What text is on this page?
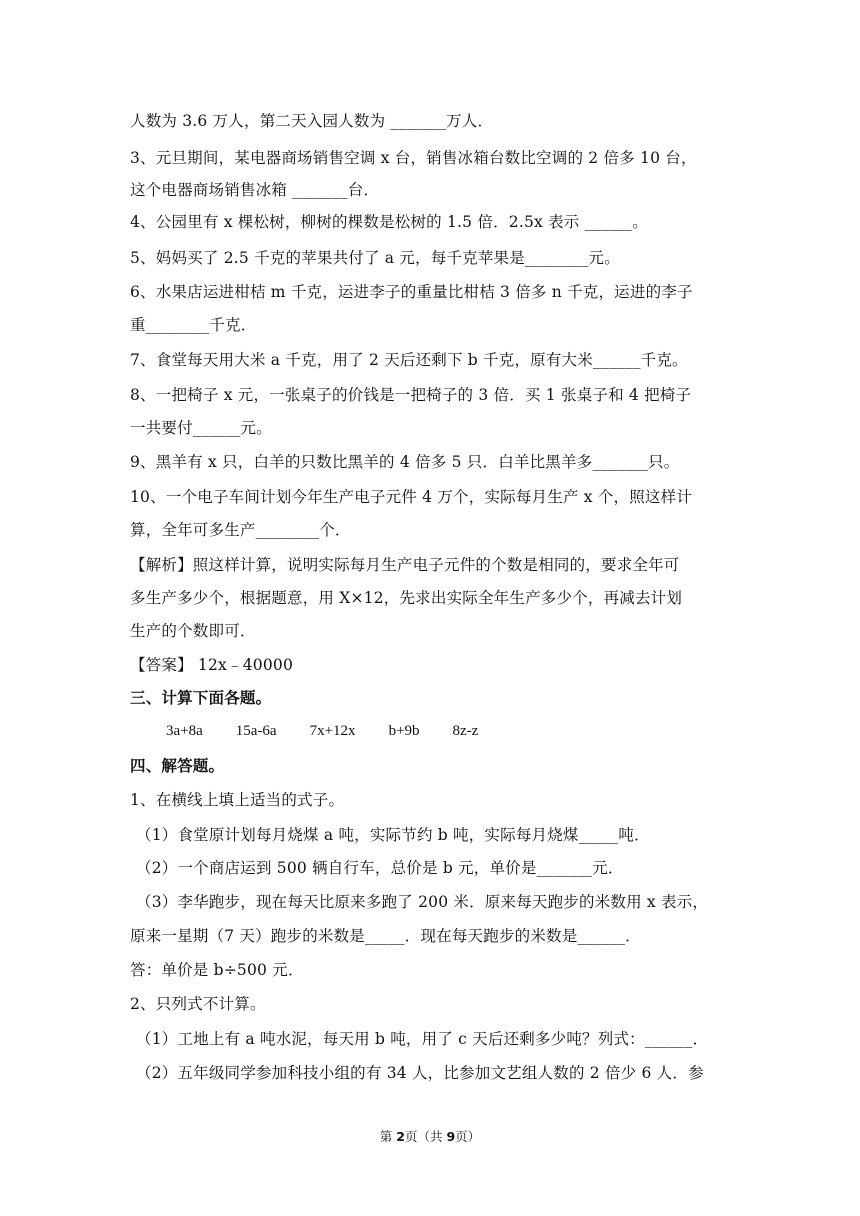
人数为 3.6 万人，第二天入园人数为 _______万人．
3、元旦期间，某电器商场销售空调 x 台，销售冰箱台数比空调的 2 倍多 10 台，
这个电器商场销售冰箱 _______台．
4、公园里有 x 棵松树，柳树的棵数是松树的 1.5 倍．2.5x 表示 ______。
5、妈妈买了 2.5 千克的苹果共付了 a 元，每千克苹果是________元。
6、水果店运进柑桔 m 千克，运进李子的重量比柑桔 3 倍多 n 千克，运进的李子
重________千克．
7、食堂每天用大米 a 千克，用了 2 天后还剩下 b 千克，原有大米______千克。
8、一把椅子 x 元，一张桌子的价钱是一把椅子的 3 倍．买 1 张桌子和 4 把椅子
一共要付______元。
9、黑羊有 x 只，白羊的只数比黑羊的 4 倍多 5 只．白羊比黑羊多_______只。
10、一个电子车间计划今年生产电子元件 4 万个，实际每月生产 x 个，照这样计
算，全年可多生产________个．
【解析】照这样计算，说明实际每月生产电子元件的个数是相同的，要求全年可
多生产多少个，根据题意，用 X×12，先求出实际全年生产多少个，再减去计划
生产的个数即可．
【答案】 12x﹣40000
三、计算下面各题。
3a+8a 15a-6a 7x+12x b+9b 8z-z
四、解答题。
1、在横线上填上适当的式子。
（1）食堂原计划每月烧煤 a 吨，实际节约 b 吨，实际每月烧煤_____吨．
（2）一个商店运到 500 辆自行车，总价是 b 元，单价是_______元．
（3）李华跑步，现在每天比原来多跑了 200 米．原来每天跑步的米数用 x 表示，
原来一星期（7 天）跑步的米数是_____．现在每天跑步的米数是______．
答：单价是 b÷500 元．
2、只列式不计算。
（1）工地上有 a 吨水泥，每天用 b 吨，用了 c 天后还剩多少吨？列式：______．
（2）五年级同学参加科技小组的有 34 人，比参加文艺组人数的 2 倍少 6 人．参
第 2页（共 9页）
